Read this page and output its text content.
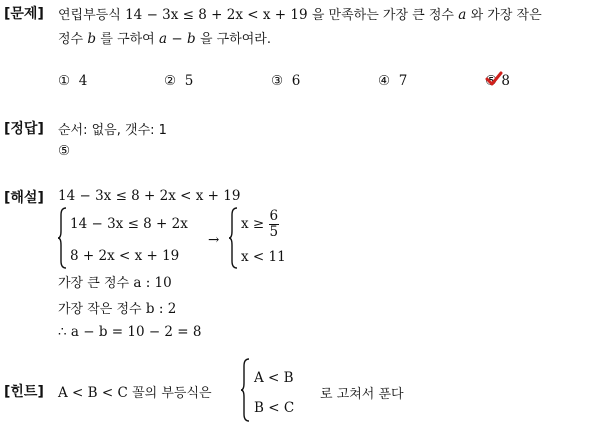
[문제] 연립부등식 14 − 3x ≤ 8 + 2x < x + 19 을 만족하는 가장 큰 정수 a 와 가장 작은
정수 b 를 구하여 a − b 을 구하여라.
① 4	② 5	③ 6	④ 7	⑤ 8
[정답] 순서: 없음, 갯수: 1
⑤
[해설] 14 − 3x ≤ 8 + 2x < x + 19
14 − 3x ≤ 8 + 2x
8 + 2x < x + 19
→
x ≥
$\frac{6}{5}$
x < 11
가장 큰 정수 a : 10
가장 작은 정수 b : 2
∴ a − b = 10 − 2 = 8
[힌트] A < B < C 꼴의 부등식은
A < B
B < C
로 고쳐서 푼다
